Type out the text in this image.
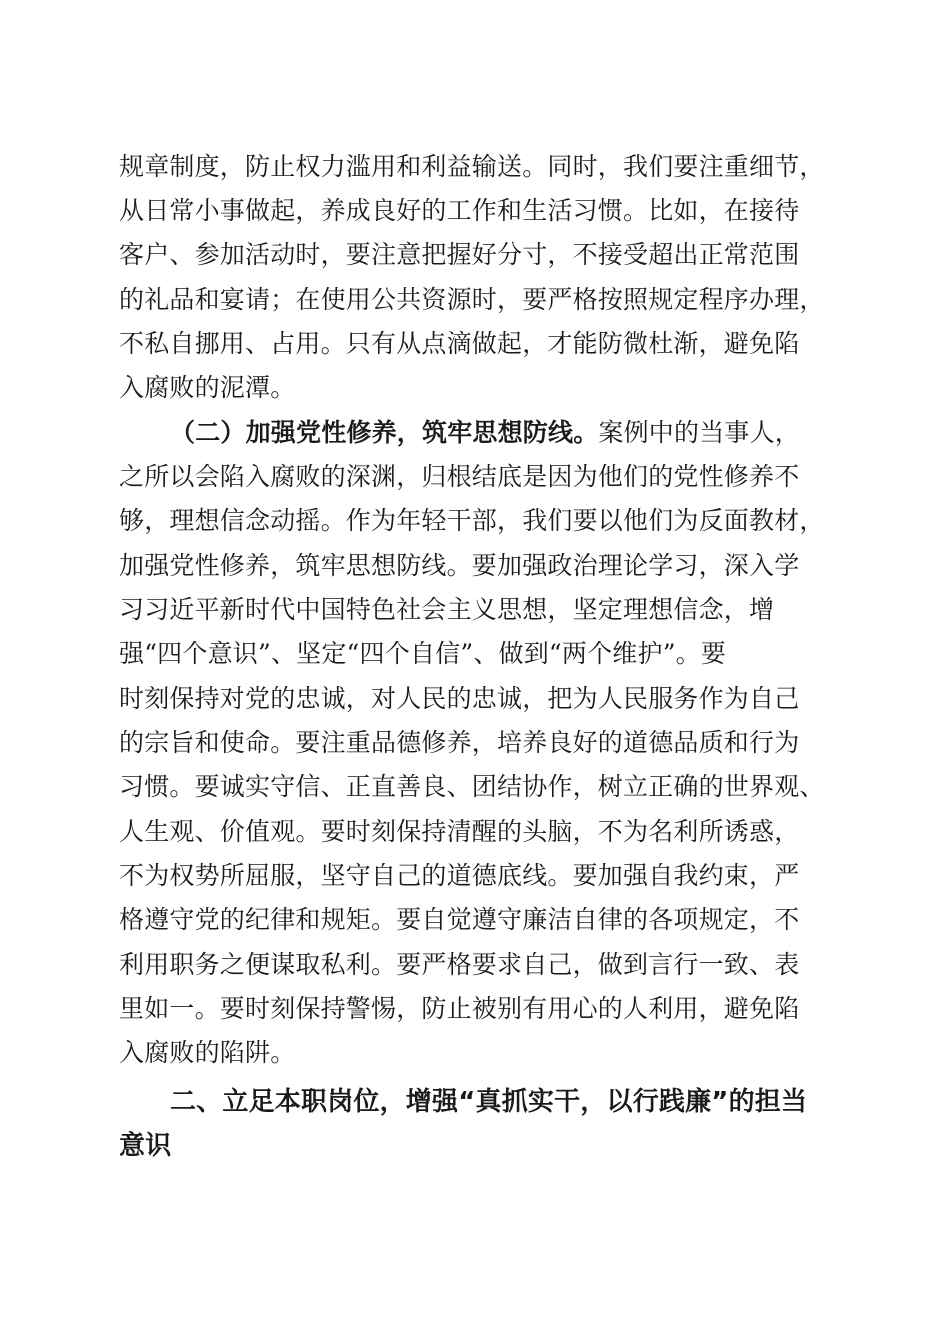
规章制度，防止权力滥用和利益输送。同时，我们要注重细节，
从日常小事做起，养成良好的工作和生活习惯。比如，在接待
客户、参加活动时，要注意把握好分寸，不接受超出正常范围
的礼品和宴请；在使用公共资源时，要严格按照规定程序办理，
不私自挪用、占用。只有从点滴做起，才能防微杜渐，避免陷
入腐败的泥潭。
（二）加强党性修养，筑牢思想防线。案例中的当事人，
之所以会陷入腐败的深渊，归根结底是因为他们的党性修养不
够，理想信念动摇。作为年轻干部，我们要以他们为反面教材，
加强党性修养，筑牢思想防线。要加强政治理论学习，深入学
习习近平新时代中国特色社会主义思想，坚定理想信念，增
强“四个意识”、坚定“四个自信”、做到“两个维护”。要
时刻保持对党的忠诚，对人民的忠诚，把为人民服务作为自己
的宗旨和使命。要注重品德修养，培养良好的道德品质和行为
习惯。要诚实守信、正直善良、团结协作，树立正确的世界观、
人生观、价值观。要时刻保持清醒的头脑，不为名利所诱惑，
不为权势所屈服，坚守自己的道德底线。要加强自我约束，严
格遵守党的纪律和规矩。要自觉遵守廉洁自律的各项规定，不
利用职务之便谋取私利。要严格要求自己，做到言行一致、表
里如一。要时刻保持警惕，防止被别有用心的人利用，避免陷
入腐败的陷阱。
二、立足本职岗位，增强“真抓实干，以行践廉”的担当
意识
